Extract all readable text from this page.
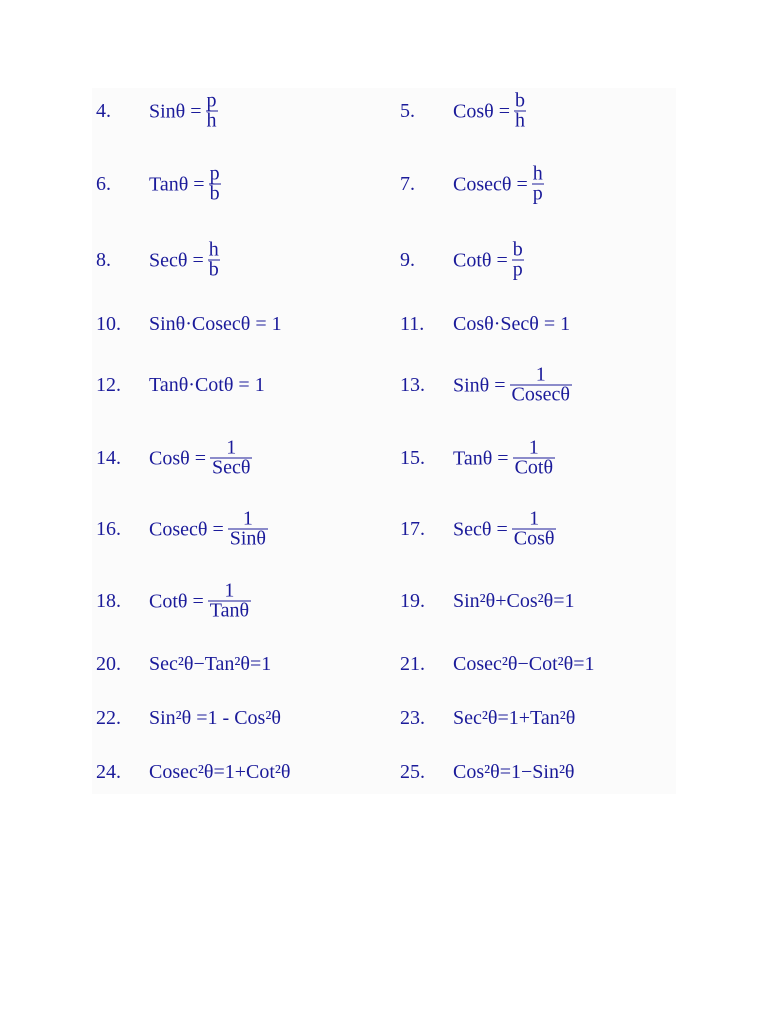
4. $Sin\theta = \frac{p}{h}$	5. $Cos\theta = \frac{b}{h}$
6. $Tan\theta = \frac{p}{b}$	7. $Cosec\theta = \frac{h}{p}$
8. $Sec\theta = \frac{h}{b}$	9. $Cot\theta = \frac{b}{p}$
10. Sinθ·Cosecθ = 1	11. Cosθ·Secθ = 1
12. Tanθ·Cotθ = 1	13. $Sin\theta = \frac{1}{Cosec\theta}$
14. $Cos\theta = \frac{1}{\text{Secθ}}$	15. $Tan\theta = \frac{1}{\text{Cotθ}}$
16. $Cosec\theta = \frac{1}{\text{Sinθ}}$	17. $Sec\theta = \frac{1}{\text{Cosθ}}$
18. $Cot\theta = \frac{1}{\text{Tanθ}}$	19. Sin²θ+Cos²θ=1
20. Sec²θ−Tan²θ=1	21. Cosec²θ−Cot²θ=1
22. Sin²θ =1 - Cos²θ	23. Sec²θ=1+Tan²θ
24. Cosec²θ=1+Cot²θ	25. Cos²θ=1−Sin²θ
